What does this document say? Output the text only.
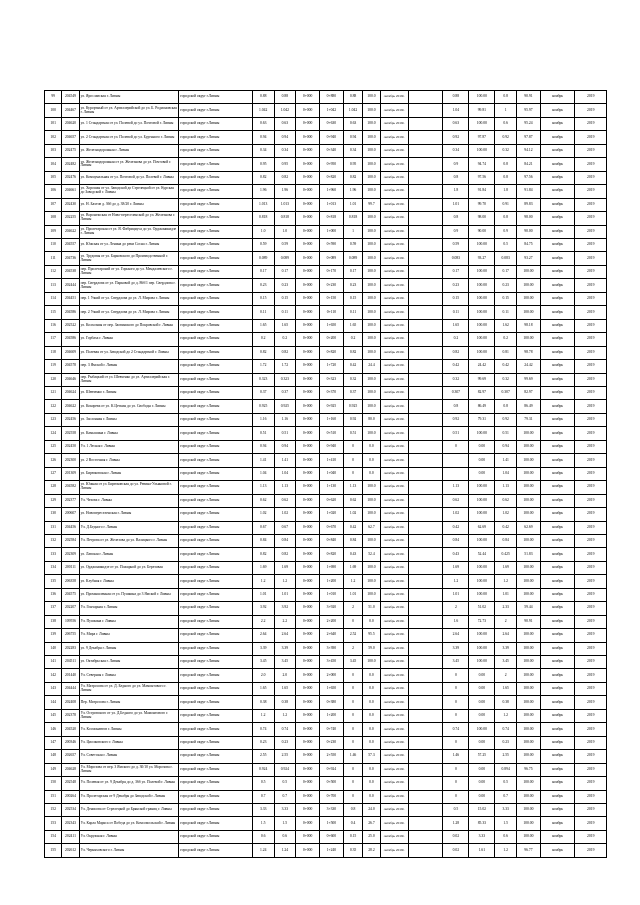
99	204549	ул. Ярославская г. Ливны	городской округ г.Ливны	0.88	0.88	0+000	0+880	0.88	100.0	октябрь 2019г.		0.88	100.00	0.8	90.91	ноябрь	2019
100	204467	ул. Курортный от ул. Артиллерийской до ул. Б. Родионовская г. Ливны	городской округ г.Ливны	1.042	1.042	0+000	1+042	1.042	100.0	октябрь 2019г.		1.04	99.81	1	95.97	ноябрь	2019
101	204620	ул. 1 Стандартная от ул. Полевой до ул. Почтовой г. Ливны	городской округ г.Ливны	0.63	0.63	0+000	0+630	0.63	100.0	октябрь 2019г.		0.63	100.00	0.6	95.24	ноябрь	2019
102	204657	ул. 2 Стандартная от ул. Полевой до ул. Буденного г. Ливны	городской округ г.Ливны	0.94	0.94	0+000	0+940	0.94	100.0	октябрь 2019г.		0.92	97.87	0.92	97.87	ноябрь	2019
103	202475	ул. Железнодорожная г. Ливны	городской округ г.Ливны	0.34	0.34	0+000	0+340	0.34	100.0	октябрь 2019г.		0.34	100.00	0.32	94.12	ноябрь	2019
104	202482	ул. Железнодорожная от ул. Железнова до ул. Почтовой г. Ливны	городской округ г.Ливны	0.95	0.95	0+000	0+950	0.95	100.0	октябрь 2019г.		0.9	94.74	0.8	84.21	ноябрь	2019
105	202476	ул. Коммунальная от ул. Почтовой до ул. Полевой г. Ливны	городской округ г.Ливны	0.82	0.82	0+000	0+820	0.82	100.0	октябрь 2019г.		0.8	97.56	0.8	97.56	ноябрь	2019
106	204661	ул. Хорошая от ул. Заводской до Стрелецкой от ул. Курская до Заводской г. Ливны	городской округ г.Ливны	1.96	1.96	0+000	1+960	1.96	100.0	октябрь 2019г.		1.8	91.84	1.8	91.84	ноябрь	2019
107	202430	ул. Н. Бахтов д. 36б до д. 38/20 г. Ливны	городской округ г.Ливны	1.013	1.013	0+000	1+013	1.01	99.7	октябрь 2019г.		1.01	99.70	0.91	89.83	ноябрь	2019
108	202255	ул. Воронежская от Ново-переселенской до ул. Железнова г. Ливны	городской округ г.Ливны	0.818	0.818	0+000	0+818	0.818	100.0	октябрь 2019г.		0.8	98.00	0.8	98.00	ноябрь	2019
109	204622	ул. Пролетарская от ул. Я. Фабрициуса до ул. Орджоникидзе г. Ливны	городской округ г.Ливны	1.0	1.0	0+000	1+000	1	100.0	октябрь 2019г.		0.9	90.00	0.9	90.00	ноябрь	2019
110	204557	ул. Южская от ул. Ленина до реки Сосна г. Ливны	городской округ г.Ливны	0.59	0.59	0+000	0+590	0.59	100.0	октябрь 2019г.		0.59	100.00	0.5	84.75	ноябрь	2019
111	204736	ул. Трудовая от ул. Барковского до Производственной г. Ливны	городской округ г.Ливны	0.089	0.089	0+000	0+089	0.089	100.0	октябрь 2019г.		0.083	93.27	0.083	93.27	ноябрь	2019
112	204538	пер. Пролетарский от ул. Горького до ул. Мендалевского г. Ливны	городской округ г.Ливны	0.17	0.17	0+000	0+170	0.17	100.0	октябрь 2019г.		0.17	100.00	0.17	100.00	ноябрь	2019
113	202444	пер. Свердлова от ул. Парковой до д. 86б/1 пер. Свердлова г. Ливны	городской округ г.Ливны	0.23	0.23	0+000	0+230	0.23	100.0	октябрь 2019г.		0.23	100.00	0.23	100.00	ноябрь	2019
114	204451	пер. 1 Узкий от ул. Свердлова до ул. Л. Мирова г. Ливны	городской округ г.Ливны	0.15	0.15	0+000	0+150	0.15	100.0	октябрь 2019г.		0.15	100.00	0.15	100.00	ноябрь	2019
115	204586	пер. 2 Узкий от ул. Свердлова до ул. Л. Мирова г. Ливны	городской округ г.Ливны	0.11	0.11	0+000	0+110	0.11	100.0	октябрь 2019г.		0.11	100.00	0.11	100.00	ноябрь	2019
116	202522	ул. Колхозная от пер. Заовинского до Покровской г. Ливны	городской округ г.Ливны	1.65	1.65	0+000	1+650	1.65	100.0	октябрь 2019г.		1.65	100.00	1.62	98.18	ноябрь	2019
117	204586	ул. Горбаха г. Ливны	городской округ г.Ливны	0.2	0.2	0+000	0+200	0.2	100.0	октябрь 2019г.		0.2	100.00	0.2	100.00	ноябрь	2019
118	204609	ул. Полевая от ул. Заводской до 2 Стандартной г. Ливны	городской округ г.Ливны	0.82	0.82	0+000	0+820	0.82	100.0	октябрь 2019г.		0.82	100.00	0.81	98.78	ноябрь	2019
119	204578	пер. 3 Ямской г. Ливны	городской округ г.Ливны	1.72	1.72	0+000	1+720	0.42	24.4	октябрь 2019г.		0.42	24.42	0.42	24.42	ноябрь	2019
120	204646	пер. Рыбацкий от ул. Шевченко до ул. Артиллерийская г. Ливны	городской округ г.Ливны	0.323	0.323	0+000	0+323	0.32	100.0	октябрь 2019г.		0.32	99.69	0.32	99.69	ноябрь	2019
121	204624	ул. Шевченко г. Ливны	городской округ г.Ливны	0.37	0.37	0+000	0+370	0.37	100.0	октябрь 2019г.		0.307	82.97	0.307	82.97	ноябрь	2019
122	204622	ул. Кокорева от ул. К.Цеткин до ул. Свободы г. Ливны	городской округ г.Ливны	0.925	0.925	0+000	0+925	0.925	100.0	октябрь 2019г.		0.8	86.49	0.8	86.49	ноябрь	2019
123	202456	ул. Заслонная г. Ливны	городской округ г.Ливны	1.16	1.16	0+000	1+160	0.92	80.0	октябрь 2019г.		0.92	79.31	0.92	79.31	ноябрь	2019
124	202558	ул. Камышина г. Ливны	городской округ г.Ливны	0.51	0.51	0+000	0+510	0.51	100.0	октябрь 2019г.		0.51	100.00	0.51	100.00	ноябрь	2019
125	202450	Ул. 1 Лесная г. Ливны	городской округ г.Ливны	0.94	0.94	0+000	0+940	0	0.0	октябрь 2019г.		0	0.00	0.94	100.00	ноябрь	2019
126	202300	ул. 2 Восточная г. Ливны	городской округ г.Ливны	1.41	1.41	0+000	1+410	0	0.0	октябрь 2019г.			0.00	1.41	100.00	ноябрь	2019
127	201309	ул. Бирюковская г. Ливны	городской округ г.Ливны	1.04	1.04	0+000	1+040	0	0.0	октябрь 2019г.			0.00	1.04	100.00	ноябрь	2019
128	204582	ул. Южная от ул. Бирюковская до ул. Ревина-Ульяновой г. Ливны	городской округ г.Ливны	1.13	1.13	0+000	1+130	1.13	100.0	октябрь 2019г.		1.13	100.00	1.13	100.00	ноябрь	2019
129	202377	Ул. Чехова г. Ливны	городской округ г.Ливны	0.62	0.62	0+000	0+620	0.62	100.0	октябрь 2019г.		0.62	100.00	0.62	100.00	ноябрь	2019
130	200607	ул. Новопереселенская г. Ливны	городской округ г.Ливны	1.02	1.02	0+000	1+020	1.02	100.0	октябрь 2019г.		1.02	100.00	1.02	100.00	ноябрь	2019
131	204456	Ул. Д.Бедного г. Ливны	городской округ г.Ливны	0.67	0.67	0+000	0+670	0.42	62.7	октябрь 2019г.		0.42	62.69	0.42	62.69	ноябрь	2019
132	202584	Ул. Петрова от ул. Железова до ул. Валицкого г. Ливны	городской округ г.Ливны	0.84	0.84	0+000	0+840	0.84	100.0	октябрь 2019г.		0.84	100.00	0.84	100.00	ноябрь	2019
133	202309	ул. Лавская г. Ливны	городской округ г.Ливны	0.82	0.82	0+000	0+820	0.43	52.4	октябрь 2019г.		0.43	52.44	0.425	51.83	ноябрь	2019
134	200111	ул. Орджоникидзе от ул. Пожарной до ул. Березовая	городской округ г.Ливны	1.69	1.69	0+000	1+690	1.69	100.0	октябрь 2019г.		1.69	100.00	1.69	100.00	ноябрь	2019
135	206358	ул. Клубная г. Ливны	городской округ г.Ливны	1.2	1.2	0+000	1+200	1.2	100.0	октябрь 2019г.		1.2	100.00	1.2	100.00	ноябрь	2019
136	204575	ул. Промышленная от ул. Пушкина до 3 Ямской г. Ливны	городской округ г.Ливны	1.01	1.01	0+000	1+010	1.01	100.0	октябрь 2019г.		1.01	100.00	1.01	100.00	ноябрь	2019
137	202207	Ул. Гончарная г. Ливны	городской округ г.Ливны	3.92	3.92	0+000	3+920	2	51.0	октябрь 2019г.		2	51.02	2.33	59.44	ноябрь	2019
138	109556	Ул. Пушкина г. Ливны	городской округ г.Ливны	2.2	2.2	0+000	2+200	0	0.0	октябрь 2019г.		1.6	72.73	2	90.91	ноябрь	2019
139	206755	Ул. Мира г. Ливны	городской округ г.Ливны	2.64	2.64	0+000	2+640	2.52	95.5	октябрь 2019г.		2.64	100.00	2.64	100.00	ноябрь	2019
140	202283	ул. 9 Декабря г. Ливны	городской округ г.Ливны	3.39	3.39	0+000	3+390	2	59.0	октябрь 2019г.		3.39	100.00	3.39	100.00	ноябрь	2019
141	204511	ул. Октябрьская г. Ливны	городской округ г.Ливны	3.45	3.45	0+000	3+450	3.45	100.0	октябрь 2019г.		3.45	100.00	3.45	100.00	ноябрь	2019
142	201440	Ул. Северная г. Ливны	городской округ г.Ливны	2.0	2.0	0+000	2+000	0	0.0	октябрь 2019г.		0	0.00	2	100.00	ноябрь	2019
143	204444	Ул. Матросова от ул. Д. Бедного до ул. Мамонтового г. Ливны	городской округ г.Ливны	1.65	1.65	0+000	1+650	0	0.0	октябрь 2019г.		0	0.00	1.65	100.00	ноябрь	2019
144	202408	Пер. Матросова г. Ливны	городской округ г.Ливны	0.38	0.38	0+000	0+380	0	0.0	октябрь 2019г.		0	0.00	0.38	100.00	ноябрь	2019
145	202378	Ул. Островского от ул. Д.Бедного до ул. Мамонтового г. Ливны	городской округ г.Ливны	1.2	1.2	0+000	1+200	0	0.0	октябрь 2019г.		0	0.00	1.2	100.00	ноябрь	2019
146	204520	Ул. Космонавтов г. Ливны	городской округ г.Ливны	0.74	0.74	0+000	0+740	0	0.0	октябрь 2019г.		0.74	100.00	0.74	100.00	ноябрь	2019
147	200346	Ул. Циолковского г. Ливны	городской округ г.Ливны	0.23	0.23	0+000	0+230	0	0.0	октябрь 2019г.		0	0.00	0.23	100.00	ноябрь	2019
148	202657	Ул. Советская г. Ливны	городской округ г.Ливны	2.55	2.55	0+000	2+550	1.46	57.3	октябрь 2019г.		1.46	57.25	2.55	100.00	ноябрь	2019
149	204628	Ул. Морозова от пер. 3 Ямского до д. 30/10 ул. Морозова г. Ливны	городской округ г.Ливны	0.924	0.924	0+000	0+924	0	0.0	октябрь 2019г.		0	0.00	0.894	96.75	ноябрь	2019
150	202548	Ул. Полевая от ул. 9 Декабря до д. 36б ул. Полевой г. Ливны	городской округ г.Ливны	0.5	0.5	0+000	0+500	0	0.0	октябрь 2019г.		0	0.00	0.5	100.00	ноябрь	2019
151	200264	Ул. Пролетарская от 9 Декабря до Заводской г. Ливны	городской округ г.Ливны	0.7	0.7	0+000	0+700	0	0.0	октябрь 2019г.		0	0.00	0.7	100.00	ноябрь	2019
152	202534	Ул. Денисова от Стрелецкой до Брянской границ г. Ливны	городской округ г.Ливны	3.33	3.33	0+000	3+330	0.8	24.0	октябрь 2019г.		0.5	15.02	3.33	100.00	ноябрь	2019
153	202343	Ул. Карла Маркса от Победа до ул. Комсомольской г. Ливны	городской округ г.Ливны	1.5	1.5	0+000	1+500	0.4	26.7	октябрь 2019г.		1.28	85.33	1.5	100.00	ноябрь	2019
154	202411	Ул. Окружная г. Ливны	городской округ г.Ливны	0.6	0.6	0+000	0+600	0.15	25.0	октябрь 2019г.		0.02	3.33	0.6	100.00	ноябрь	2019
155	202612	Ул. Черняховского г. Ливны	городской округ г.Ливны	1.24	1.24	0+000	1+240	0.35	28.2	октябрь 2019г.		0.02	1.61	1.2	96.77	ноябрь	2019
